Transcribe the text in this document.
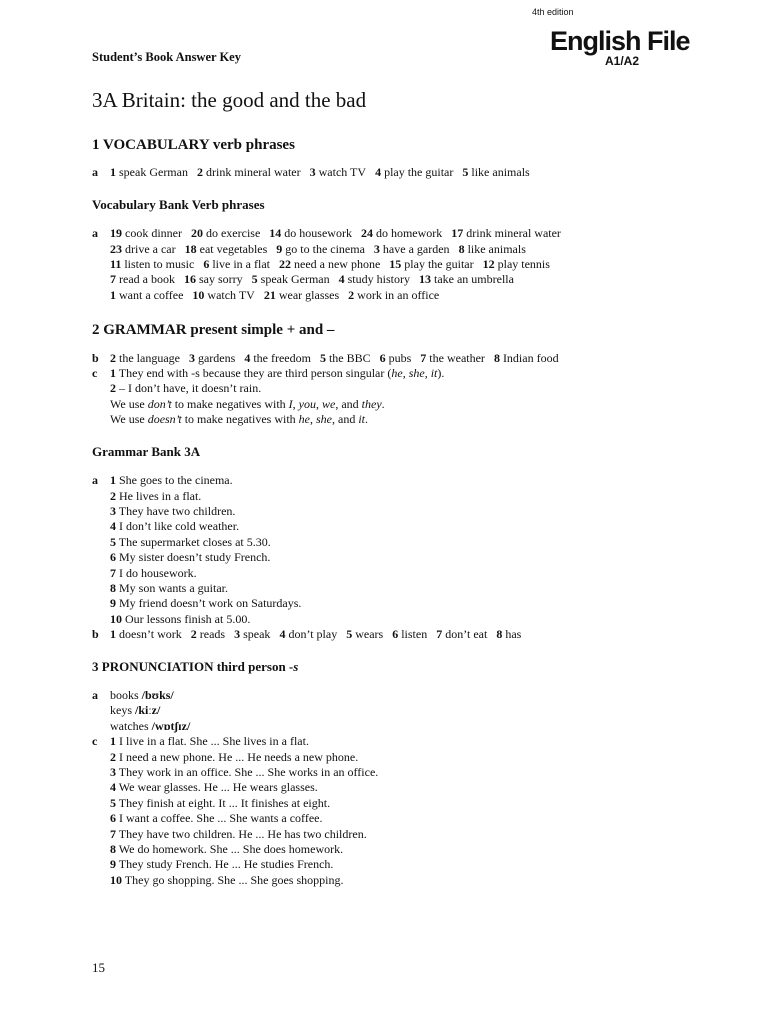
4th edition
English File
A1/A2
Student’s Book Answer Key
3A Britain: the good and the bad
1 VOCABULARY verb phrases
a	1 speak German 2 drink mineral water 3 watch TV 4 play the guitar 5 like animals
Vocabulary Bank Verb phrases
a	19 cook dinner 20 do exercise 14 do housework 24 do homework 17 drink mineral water
23 drive a car 18 eat vegetables 9 go to the cinema 3 have a garden 8 like animals
11 listen to music 6 live in a flat 22 need a new phone 15 play the guitar 12 play tennis
7 read a book 16 say sorry 5 speak German 4 study history 13 take an umbrella
1 want a coffee 10 watch TV 21 wear glasses 2 work in an office
2 GRAMMAR present simple + and –
b 2 the language 3 gardens 4 the freedom 5 the BBC 6 pubs 7 the weather 8 Indian food
c	1 They end with -s because they are third person singular (he, she, it).
2 – I don’t have, it doesn’t rain.
We use don’t to make negatives with I, you, we, and they.
We use doesn’t to make negatives with he, she, and it.
Grammar Bank 3A
a	1 She goes to the cinema.
2 He lives in a flat.
3 They have two children.
4 I don’t like cold weather.
5 The supermarket closes at 5.30.
6 My sister doesn’t study French.
7 I do housework.
8 My son wants a guitar.
9 My friend doesn’t work on Saturdays.
10 Our lessons finish at 5.00.
b 1 doesn’t work 2 reads 3 speak 4 don’t play 5 wears 6 listen 7 don’t eat 8 has
3 PRONUNCIATION third person -s
a	books /bʊks/
keys /kiːz/
watches /wɒtʃɪz/
c	1 I live in a flat. She ... She lives in a flat.
2 I need a new phone. He ... He needs a new phone.
3 They work in an office. She ... She works in an office.
4 We wear glasses. He ... He wears glasses.
5 They finish at eight. It ... It finishes at eight.
6 I want a coffee. She ... She wants a coffee.
7 They have two children. He ... He has two children.
8 We do homework. She ... She does homework.
9 They study French. He ... He studies French.
10 They go shopping. She ... She goes shopping.
15
